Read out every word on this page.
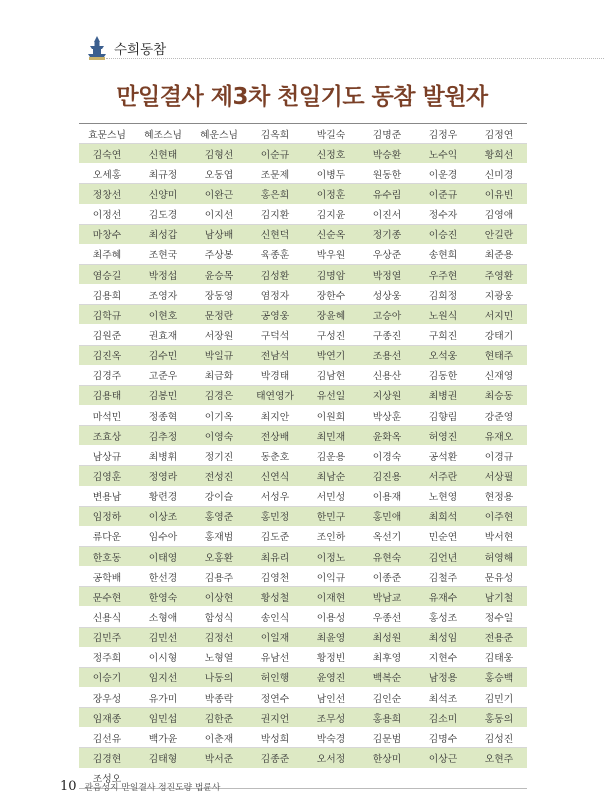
수희동참
만일결사 제3차 천일기도 동참 발원자
효문스님	혜조스님	혜운스님	김옥희	박길숙	김명준	김정우	김정연
김숙연	신현태	김형선	이순규	신정호	박승환	노수익	황희선
오세홍	최규정	오동엽	조문제	이병두	원동한	이운경	신미경
정창선	신양미	이완근	홍은희	이정훈	유수림	이준규	이유빈
이정선	김도경	이지선	김지환	김지윤	이진서	정수자	김영애
마창수	최성갑	남상배	신현덕	신순옥	정기종	이승진	안길란
최주혜	조현국	주상봉	육종훈	박우원	우상준	송현희	최준용
염승길	박정섭	윤승목	김성환	김명암	박정열	우주현	주영환
김용희	조영자	장동영	염정자	장한수	성상웅	김희정	지광웅
김학규	이현호	문정란	공영웅	장윤혜	고승아	노원식	서지민
김원준	권효재	서장원	구덕석	구성진	구종진	구희진	강태기
김진옥	김수민	박일규	전남석	박연기	조용선	오석웅	현태주
김경주	고준우	최금화	박경태	김남현	신용산	김동한	신재영
김용태	김봉민	김경은	태연영가	유선일	지상원	최병권	최승동
마석민	정종혁	이기옥	최지안	이원희	박상훈	김향림	강준영
조효상	김추정	이영숙	전상배	최민재	윤화옥	허영진	유재오
남상규	최병휘	정기진	동춘호	김운용	이경숙	공석환	이경규
김영훈	정영라	전성진	신연식	최남순	김진용	서주란	서상필
변용남	황련경	강이슬	서성우	서민성	이용재	노현영	현정용
임정하	이상조	홍영준	홍민정	한민구	홍민애	최희석	이주현
류다운	임수아	홍재범	김도준	조인하	옥선기	민순연	박서현
한호동	이태영	오홍환	최유리	이정노	유현숙	김언년	허영해
공학배	한선경	김용주	김영천	이익규	이종준	김철주	문유성
문수현	한영숙	이상현	황성철	이재현	박남교	유재수	남기철
신용식	소형애	함성식	송인식	이용성	우종선	홍성조	정수일
김민주	김민선	김정선	이일재	최윤영	최성원	최성임	전용준
정주희	이시형	노형열	유남선	황정빈	최후영	지현수	김태웅
이승기	임지선	나동의	허인행	윤영진	백복순	남정용	홍승백
장우성	유가미	박종락	정연수	남인선	김인순	최석조	김민기
임재종	임민섭	김한준	권지언	조무성	홍용희	김소미	홍동의
김선유	백가윤	이춘재	박성희	박숙경	김문범	김명수	김성진
김경현	김태형	박서준	김종준	오서정	한상미	이상근	오현주
조성오							
10 관음성지 만일결사 정진도량 법륜사
